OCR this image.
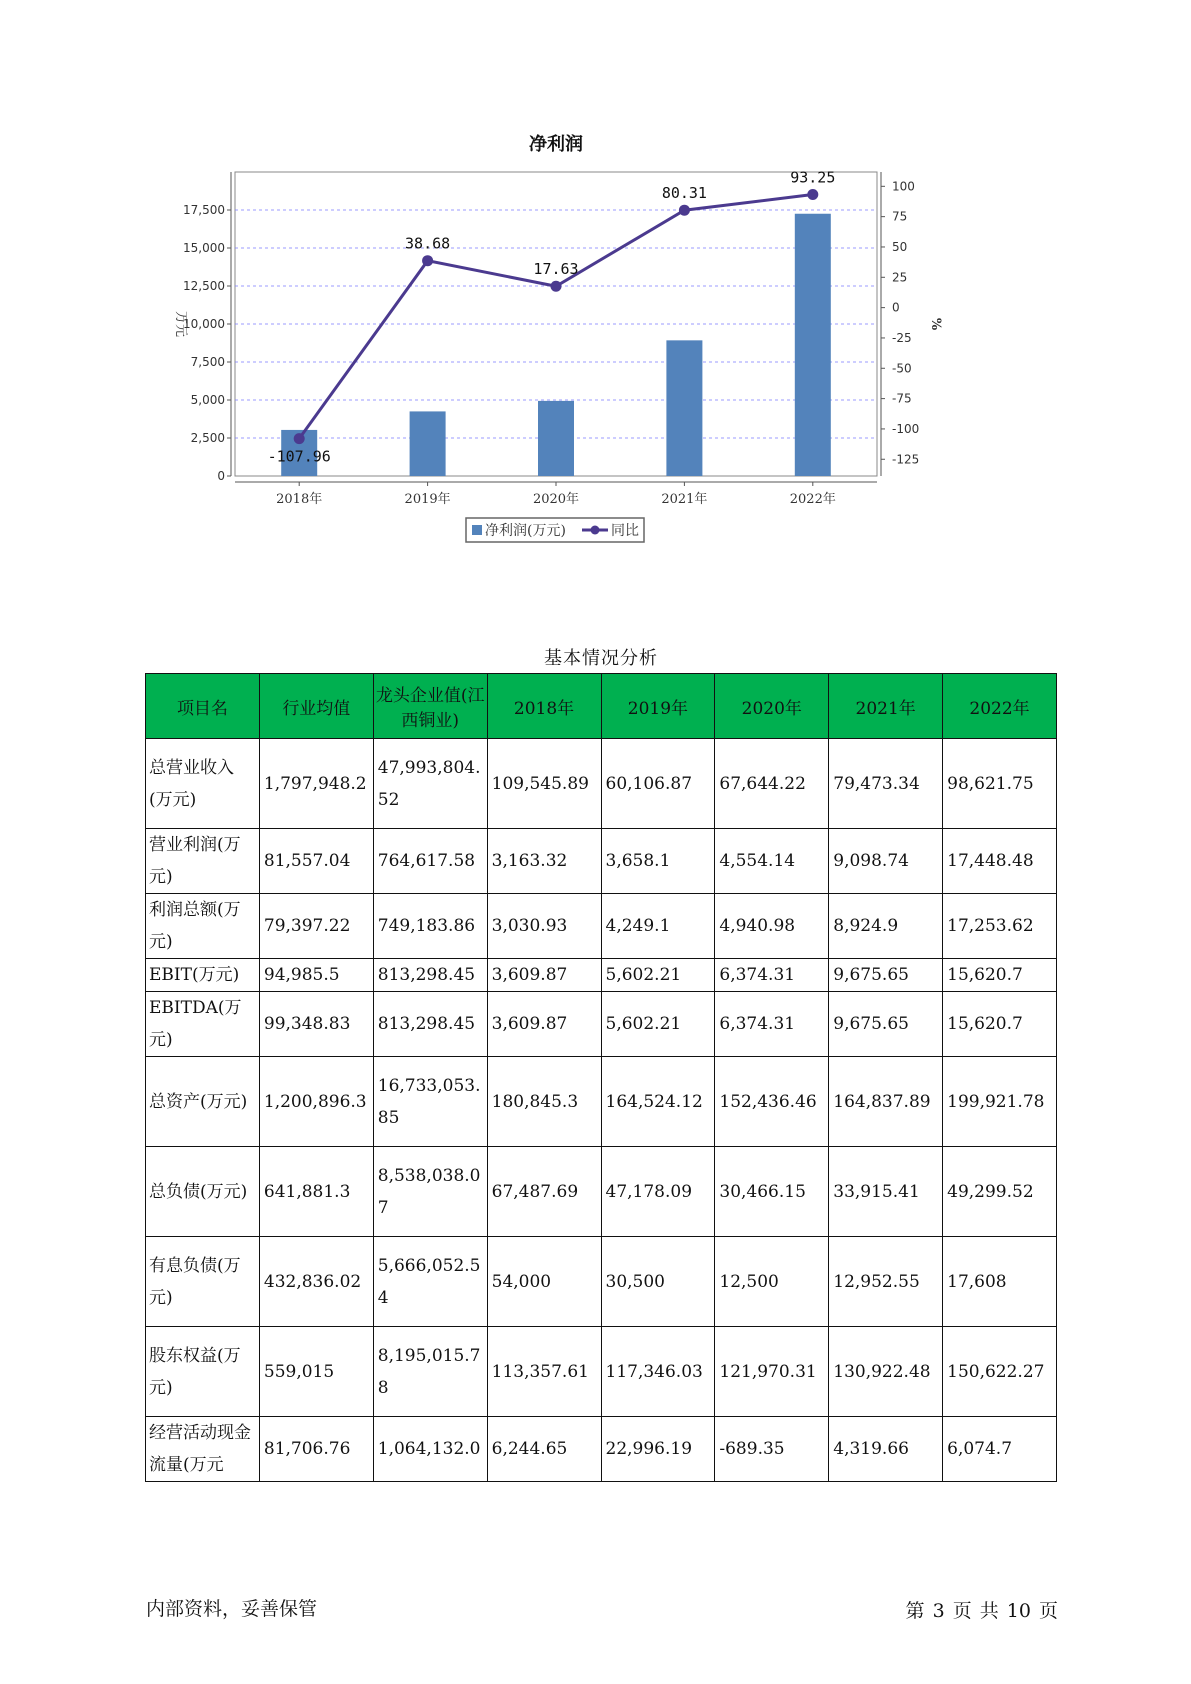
净利润
0
2,500
5,000
7,500
10,000
12,500
15,000
17,500
万元
100
75
50
25
0
-25
-50
-75
-100
-125
%
2018年	2019年	2020年	2021年	2022年
-107.96
38.68
17.63
80.31
93.25
净利润(万元)	同比
基本情况分析
项目名	行业均值	龙头企业值(江西铜业)	2018年	2019年	2020年	2021年	2022年
总营业收入(万元)	1,797,948.2	47,993,804.52	109,545.89	60,106.87	67,644.22	79,473.34	98,621.75
营业利润(万元)	81,557.04	764,617.58	3,163.32	3,658.1	4,554.14	9,098.74	17,448.48
利润总额(万元)	79,397.22	749,183.86	3,030.93	4,249.1	4,940.98	8,924.9	17,253.62
EBIT(万元)	94,985.5	813,298.45	3,609.87	5,602.21	6,374.31	9,675.65	15,620.7
EBITDA(万元)	99,348.83	813,298.45	3,609.87	5,602.21	6,374.31	9,675.65	15,620.7
总资产(万元)	1,200,896.3	16,733,053.85	180,845.3	164,524.12	152,436.46	164,837.89	199,921.78
总负债(万元)	641,881.3	8,538,038.07	67,487.69	47,178.09	30,466.15	33,915.41	49,299.52
有息负债(万元)	432,836.02	5,666,052.54	54,000	30,500	12,500	12,952.55	17,608
股东权益(万元)	559,015	8,195,015.78	113,357.61	117,346.03	121,970.31	130,922.48	150,622.27
经营活动现金流量(万元	81,706.76	1,064,132.0	6,244.65	22,996.19	-689.35	4,319.66	6,074.7
内部资料，妥善保管	第 3 页 共 10 页
